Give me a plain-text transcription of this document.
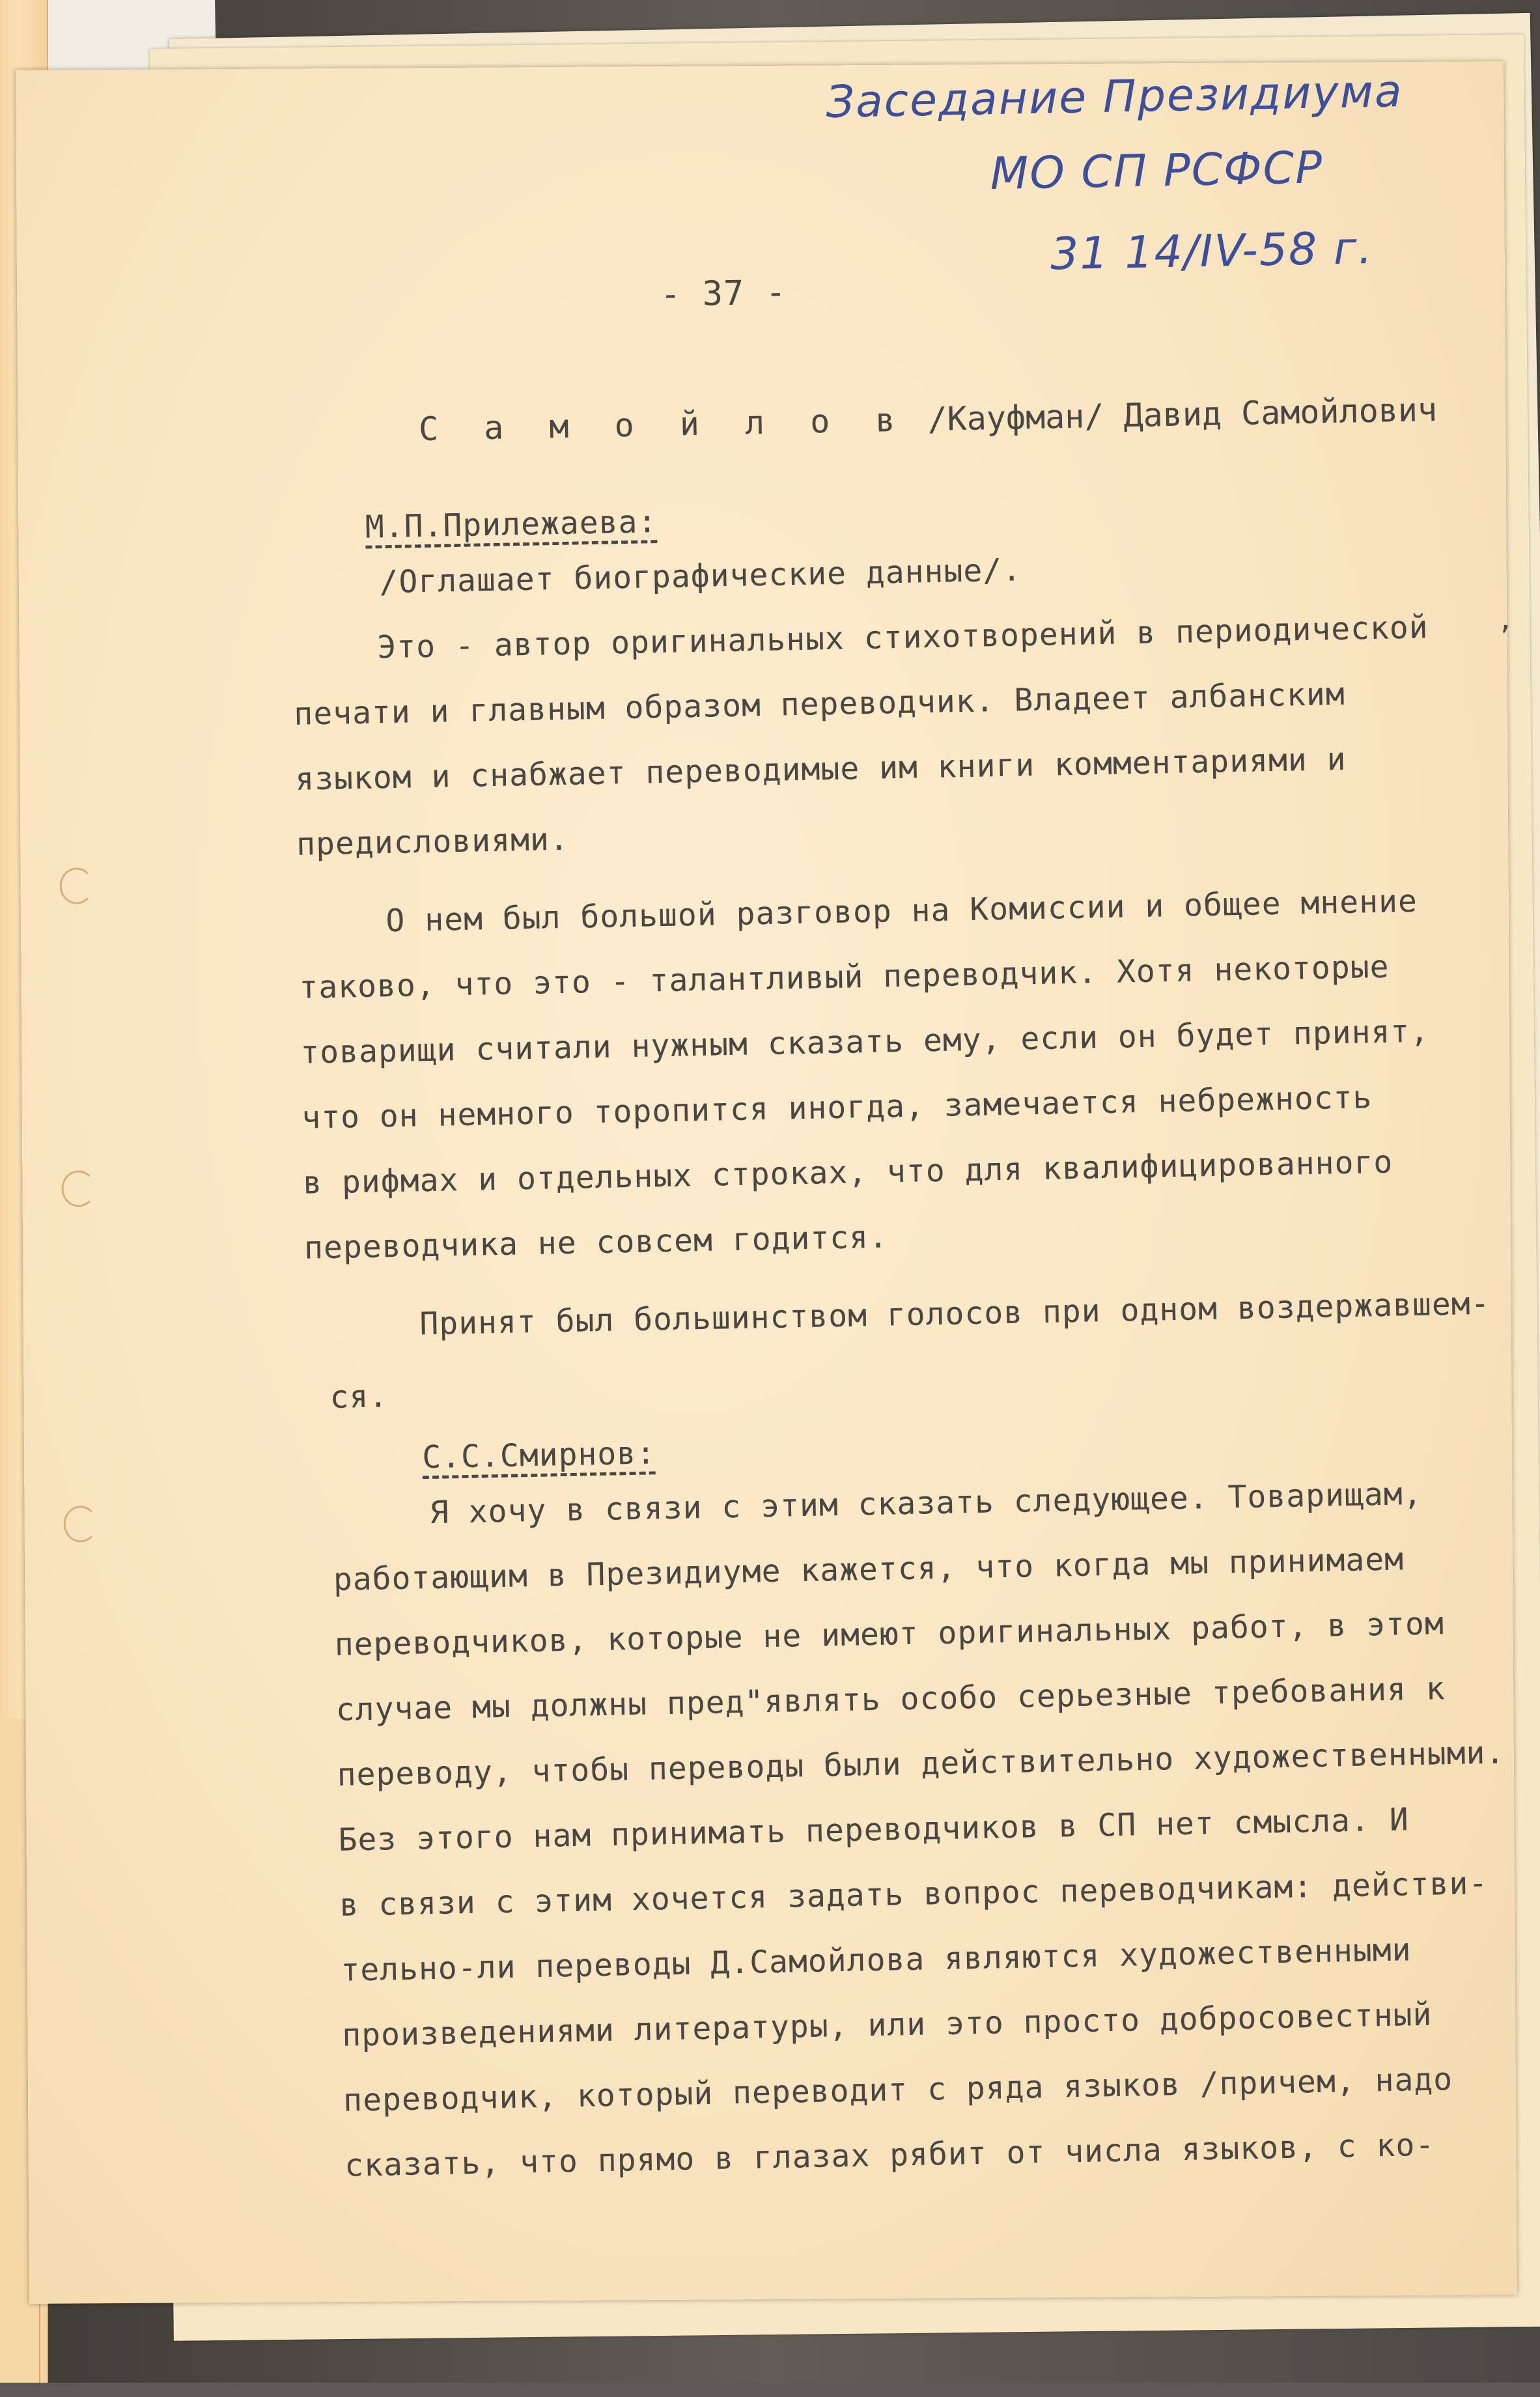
,
Заседание Президиума
МО СП РСФСР
31 14/IV-58 г.
- 37 -
С а м о й л о в /Кауфман/ Давид Самойлович
М.П.Прилежаева:
/Оглашает биографические данные/.
Это - автор оригинальных стихотворений в периодической
печати и главным образом переводчик. Владеет албанским
языком и снабжает переводимые им книги комментариями и
предисловиями.
О нем был большой разговор на Комиссии и общее мнение
таково, что это - талантливый переводчик. Хотя некоторые
товарищи считали нужным сказать ему, если он будет принят,
что он немного торопится иногда, замечается небрежность
в рифмах и отдельных строках, что для квалифицированного
переводчика не совсем годится.
Принят был большинством голосов при одном воздержавшем-
ся.
С.С.Смирнов:
Я хочу в связи с этим сказать следующее. Товарищам,
работающим в Президиуме кажется, что когда мы принимаем
переводчиков, которые не имеют оригинальных работ, в этом
случае мы должны пред"являть особо серьезные требования к
переводу, чтобы переводы были действительно художественными.
Без этого нам принимать переводчиков в СП нет смысла. И
в связи с этим хочется задать вопрос переводчикам: действи-
тельно-ли переводы Д.Самойлова являются художественными
произведениями литературы, или это просто добросовестный
переводчик, который переводит с ряда языков /причем, надо
сказать, что прямо в глазах рябит от числа языков, с ко-
